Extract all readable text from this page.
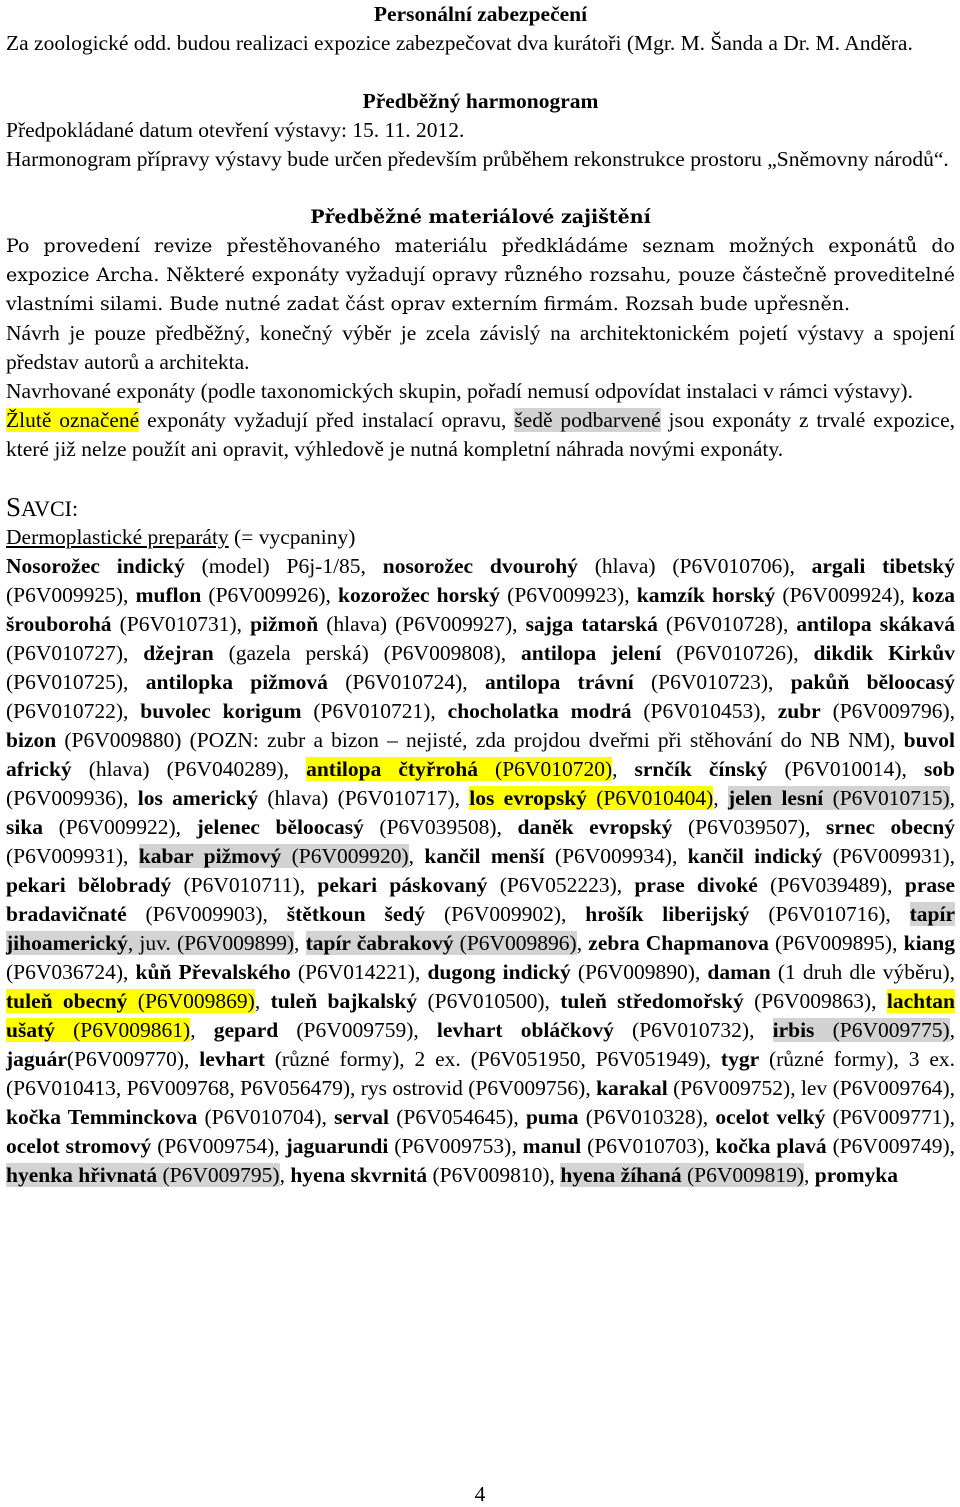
Personální zabezpečení

Za zoologické odd. budou realizaci expozice zabezpečovat dva kurátoři (Mgr. M. Šanda a Dr. M. Anděra.

Předběžný harmonogram

Předpokládané datum otevření výstavy: 15. 11. 2012.

Harmonogram přípravy výstavy bude určen především průběhem rekonstrukce prostoru „Sněmovny národů“.

Předběžné materiálové zajištění

Po provedení revize přestěhovaného materiálu předkládáme seznam možných exponátů do expozice Archa. Některé exponáty vyžadují opravy různého rozsahu, pouze částečně proveditelné vlastními silami. Bude nutné zadat část oprav externím firmám. Rozsah bude upřesněn.

Návrh je pouze předběžný, konečný výběr je zcela závislý na architektonickém pojetí výstavy a spojení představ autorů a architekta.

Navrhované exponáty (podle taxonomických skupin, pořadí nemusí odpovídat instalaci v rámci výstavy).

Žlutě označené exponáty vyžadují před instalací opravu, šedě podbarvené jsou exponáty z trvalé expozice, které již nelze použít ani opravit, výhledově je nutná kompletní náhrada novými exponáty.

SAVCI:

Dermoplastické preparáty (= vycpaniny)

Nosorožec indický (model) P6j-1/85, nosorožec dvourohý (hlava) (P6V010706), argali tibetský (P6V009925), muflon (P6V009926), kozorožec horský (P6V009923), kamzík horský (P6V009924), koza šrouborohá (P6V010731), pižmoň (hlava) (P6V009927), sajga tatarská (P6V010728), antilopa skákavá (P6V010727), džejran (gazela perská) (P6V009808), antilopa jelení (P6V010726), dikdik Kirkův (P6V010725), antilopka pižmová (P6V010724), antilopa trávní (P6V010723), pakůň běloocasý (P6V010722), buvolec korigum (P6V010721), chocholatka modrá (P6V010453), zubr (P6V009796), bizon (P6V009880) (POZN: zubr a bizon – nejisté, zda projdou dveřmi při stěhování do NB NM), buvol africký (hlava) (P6V040289), antilopa čtyřrohá (P6V010720), srnčík čínský (P6V010014), sob (P6V009936), los americký (hlava) (P6V010717), los evropský (P6V010404), jelen lesní (P6V010715), sika (P6V009922), jelenec běloocasý (P6V039508), daněk evropský (P6V039507), srnec obecný (P6V009931), kabar pižmový (P6V009920), kančil menší (P6V009934), kančil indický (P6V009931), pekari bělobradý (P6V010711), pekari páskovaný (P6V052223), prase divoké (P6V039489), prase bradavičnaté (P6V009903), štětkoun šedý (P6V009902), hrošík liberijský (P6V010716), tapír jihoamerický, juv. (P6V009899), tapír čabrakový (P6V009896), zebra Chapmanova (P6V009895), kiang (P6V036724), kůň Převalského (P6V014221), dugong indický (P6V009890), daman (1 druh dle výběru), tuleň obecný (P6V009869), tuleň bajkalský (P6V010500), tuleň středomořský (P6V009863), lachtan ušatý (P6V009861), gepard (P6V009759), levhart obláčkový (P6V010732), irbis (P6V009775), jaguár(P6V009770), levhart (různé formy), 2 ex. (P6V051950, P6V051949), tygr (různé formy), 3 ex. (P6V010413, P6V009768, P6V056479), rys ostrovid (P6V009756), karakal (P6V009752), lev (P6V009764), kočka Temminckova (P6V010704), serval (P6V054645), puma (P6V010328), ocelot velký (P6V009771), ocelot stromový (P6V009754), jaguarundi (P6V009753), manul (P6V010703), kočka plavá (P6V009749), hyenka hřivnatá (P6V009795), hyena skvrnitá (P6V009810), hyena žíhaná (P6V009819), promyka

4
